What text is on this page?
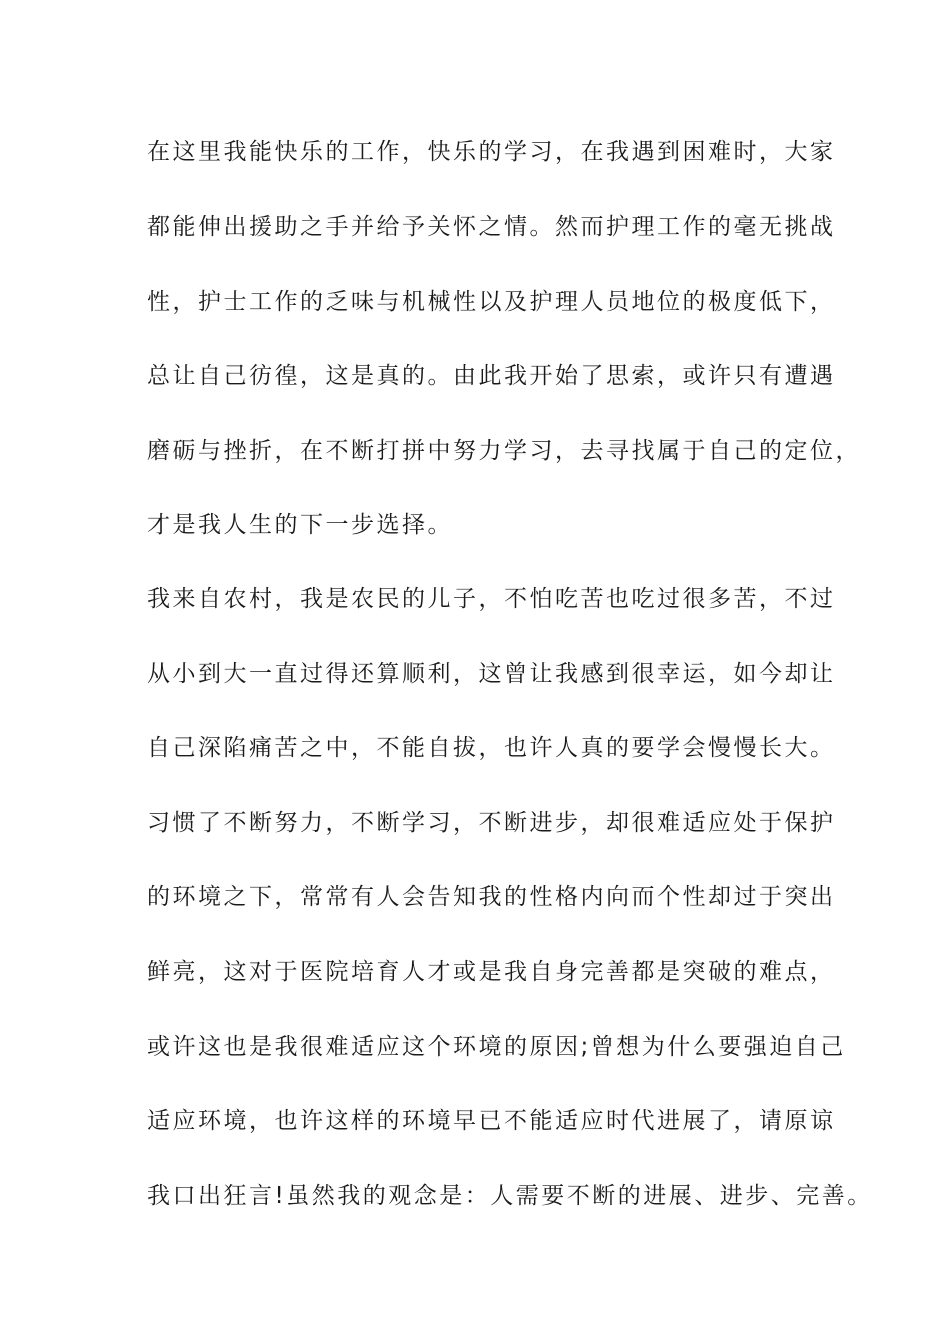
在这里我能快乐的工作，快乐的学习，在我遇到困难时，大家
都能伸出援助之手并给予关怀之情。然而护理工作的毫无挑战
性，护士工作的乏味与机械性以及护理人员地位的极度低下，
总让自己彷徨，这是真的。由此我开始了思索，或许只有遭遇
磨砺与挫折，在不断打拼中努力学习，去寻找属于自己的定位，
才是我人生的下一步选择。
我来自农村，我是农民的儿子，不怕吃苦也吃过很多苦，不过
从小到大一直过得还算顺利，这曾让我感到很幸运，如今却让
自己深陷痛苦之中，不能自拔，也许人真的要学会慢慢长大。
习惯了不断努力，不断学习，不断进步，却很难适应处于保护
的环境之下，常常有人会告知我的性格内向而个性却过于突出
鲜亮，这对于医院培育人才或是我自身完善都是突破的难点，
或许这也是我很难适应这个环境的原因;曾想为什么要强迫自己
适应环境，也许这样的环境早已不能适应时代进展了，请原谅
我口出狂言!虽然我的观念是：人需要不断的进展、进步、完善。
